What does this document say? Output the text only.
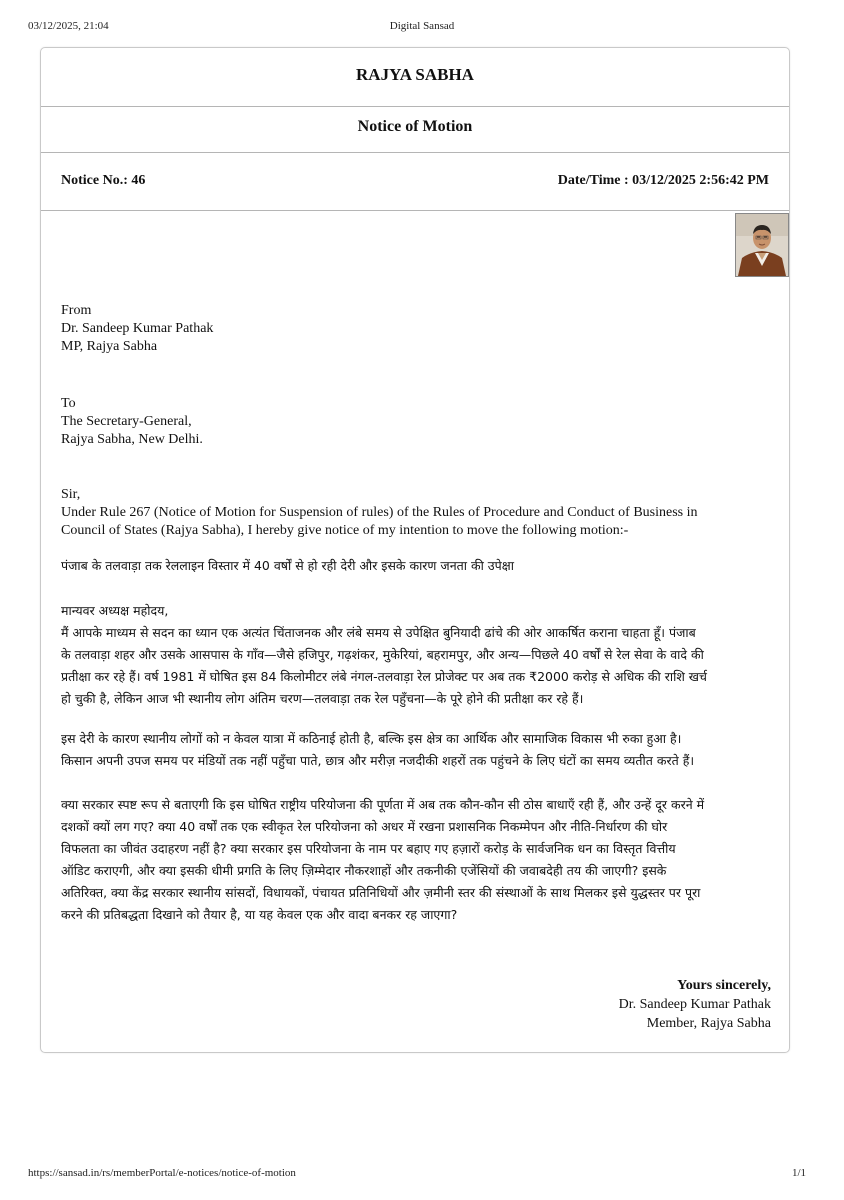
03/12/2025, 21:04	Digital Sansad
RAJYA SABHA
Notice of Motion
Notice No.: 46	Date/Time : 03/12/2025 2:56:42 PM
From
Dr. Sandeep Kumar Pathak
MP, Rajya Sabha
To
The Secretary-General,
Rajya Sabha, New Delhi.
Sir,
Under Rule 267 (Notice of Motion for Suspension of rules) of the Rules of Procedure and Conduct of Business in
Council of States (Rajya Sabha), I hereby give notice of my intention to move the following motion:-
पंजाब के तलवाड़ा तक रेललाइन विस्तार में 40 वर्षों से हो रही देरी और इसके कारण जनता की उपेक्षा
मान्यवर अध्यक्ष महोदय,
मैं आपके माध्यम से सदन का ध्यान एक अत्यंत चिंताजनक और लंबे समय से उपेक्षित बुनियादी ढांचे की ओर आकर्षित कराना चाहता हूँ। पंजाब
के तलवाड़ा शहर और उसके आसपास के गाँव—जैसे हजिपुर, गढ़शंकर, मुकेरियां, बहरामपुर, और अन्य—पिछले 40 वर्षों से रेल सेवा के वादे की
प्रतीक्षा कर रहे हैं। वर्ष 1981 में घोषित इस 84 किलोमीटर लंबे नंगल-तलवाड़ा रेल प्रोजेक्ट पर अब तक ₹2000 करोड़ से अधिक की राशि खर्च
हो चुकी है, लेकिन आज भी स्थानीय लोग अंतिम चरण—तलवाड़ा तक रेल पहुँचना—के पूरे होने की प्रतीक्षा कर रहे हैं।
इस देरी के कारण स्थानीय लोगों को न केवल यात्रा में कठिनाई होती है, बल्कि इस क्षेत्र का आर्थिक और सामाजिक विकास भी रुका हुआ है।
किसान अपनी उपज समय पर मंडियों तक नहीं पहुँचा पाते, छात्र और मरीज़ नजदीकी शहरों तक पहुंचने के लिए घंटों का समय व्यतीत करते हैं।
क्या सरकार स्पष्ट रूप से बताएगी कि इस घोषित राष्ट्रीय परियोजना की पूर्णता में अब तक कौन-कौन सी ठोस बाधाएँ रही हैं, और उन्हें दूर करने में
दशकों क्यों लग गए? क्या 40 वर्षों तक एक स्वीकृत रेल परियोजना को अधर में रखना प्रशासनिक निकम्मेपन और नीति-निर्धारण की घोर
विफलता का जीवंत उदाहरण नहीं है? क्या सरकार इस परियोजना के नाम पर बहाए गए हज़ारों करोड़ के सार्वजनिक धन का विस्तृत वित्तीय
ऑडिट कराएगी, और क्या इसकी धीमी प्रगति के लिए ज़िम्मेदार नौकरशाहों और तकनीकी एजेंसियों की जवाबदेही तय की जाएगी? इसके
अतिरिक्त, क्या केंद्र सरकार स्थानीय सांसदों, विधायकों, पंचायत प्रतिनिधियों और ज़मीनी स्तर की संस्थाओं के साथ मिलकर इसे युद्धस्तर पर पूरा
करने की प्रतिबद्धता दिखाने को तैयार है, या यह केवल एक और वादा बनकर रह जाएगा?
Yours sincerely,
Dr. Sandeep Kumar Pathak
Member, Rajya Sabha
https://sansad.in/rs/memberPortal/e-notices/notice-of-motion	1/1
